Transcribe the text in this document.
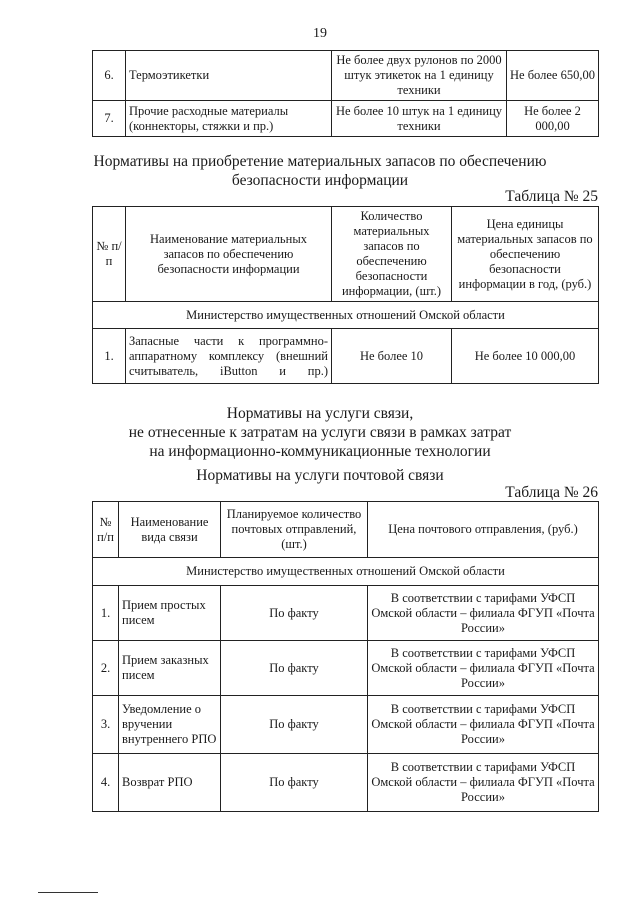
19
6.	Термоэтикетки	Не более двух рулонов по 2000 штук этикеток на 1 единицу техники	Не более 650,00
7.	Прочие расходные материалы (коннекторы, стяжки и пр.)	Не более 10 штук на 1 единицу техники	Не более 2 000,00
Нормативы на приобретение материальных запасов по обеспечению
безопасности информации
Таблица № 25
№ п/п	Наименование материальных запасов по обеспечению безопасности информации	Количество материальных запасов по обеспечению безопасности информации, (шт.)	Цена единицы материальных запасов по обеспечению безопасности информации в год, (руб.)
Министерство имущественных отношений Омской области			
1.	Запасные части к программно-аппаратному комплексу (внешний считыватель, iButton и пр.)	Не более 10	Не более 10 000,00
Нормативы на услуги связи,
не отнесенные к затратам на услуги связи в рамках затрат
на информационно-коммуникационные технологии
Нормативы на услуги почтовой связи
Таблица № 26
№ п/п	Наименование вида связи	Планируемое количество почтовых отправлений, (шт.)	Цена почтового отправления, (руб.)
Министерство имущественных отношений Омской области			
1.	Прием простых писем	По факту	В соответствии с тарифами УФСП Омской области – филиала ФГУП «Почта России»
2.	Прием заказных писем	По факту	В соответствии с тарифами УФСП Омской области – филиала ФГУП «Почта России»
3.	Уведомление о вручении внутреннего РПО	По факту	В соответствии с тарифами УФСП Омской области – филиала ФГУП «Почта России»
4.	Возврат РПО	По факту	В соответствии с тарифами УФСП Омской области – филиала ФГУП «Почта России»
